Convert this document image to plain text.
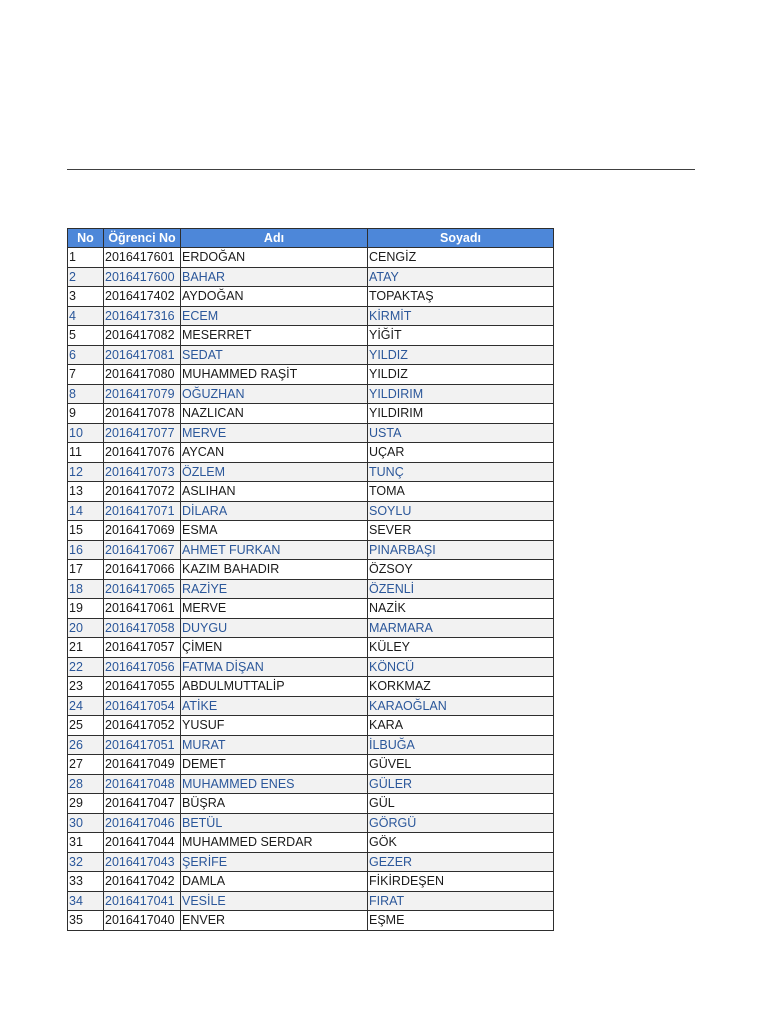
No	Öğrenci No	Adı	Soyadı
1	2016417601	ERDOĞAN	CENGİZ
2	2016417600	BAHAR	ATAY
3	2016417402	AYDOĞAN	TOPAKTAŞ
4	2016417316	ECEM	KİRMİT
5	2016417082	MESERRET	YİĞİT
6	2016417081	SEDAT	YILDIZ
7	2016417080	MUHAMMED RAŞİT	YILDIZ
8	2016417079	OĞUZHAN	YILDIRIM
9	2016417078	NAZLICAN	YILDIRIM
10	2016417077	MERVE	USTA
11	2016417076	AYCAN	UÇAR
12	2016417073	ÖZLEM	TUNÇ
13	2016417072	ASLIHAN	TOMA
14	2016417071	DİLARA	SOYLU
15	2016417069	ESMA	SEVER
16	2016417067	AHMET FURKAN	PINARBAŞI
17	2016417066	KAZIM BAHADIR	ÖZSOY
18	2016417065	RAZİYE	ÖZENLİ
19	2016417061	MERVE	NAZİK
20	2016417058	DUYGU	MARMARA
21	2016417057	ÇİMEN	KÜLEY
22	2016417056	FATMA DİŞAN	KÖNCÜ
23	2016417055	ABDULMUTTALİP	KORKMAZ
24	2016417054	ATİKE	KARAOĞLAN
25	2016417052	YUSUF	KARA
26	2016417051	MURAT	İLBUĞA
27	2016417049	DEMET	GÜVEL
28	2016417048	MUHAMMED ENES	GÜLER
29	2016417047	BÜŞRA	GÜL
30	2016417046	BETÜL	GÖRGÜ
31	2016417044	MUHAMMED SERDAR	GÖK
32	2016417043	ŞERİFE	GEZER
33	2016417042	DAMLA	FİKİRDEŞEN
34	2016417041	VESİLE	FIRAT
35	2016417040	ENVER	EŞME
